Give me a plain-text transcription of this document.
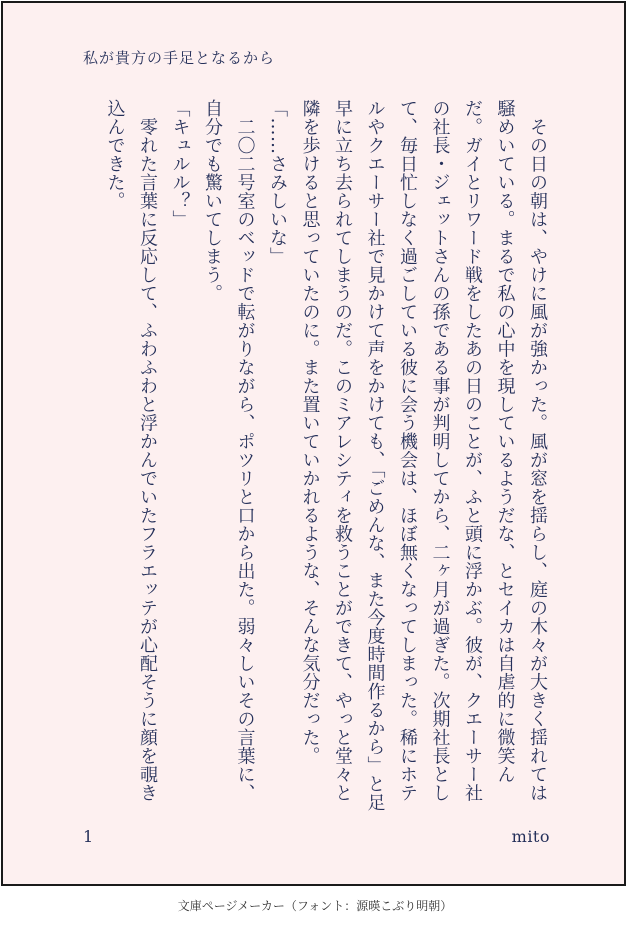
私が貴方の手足となるから

　その日の朝は、やけに風が強かった。風が窓を揺らし、庭の木々が大きく揺れては騒めいている。まるで私の心中を現しているようだな、とセイカは自虐的に微笑んだ。ガイとリワード戦をしたあの日のことが、ふと頭に浮かぶ。彼が、クエーサー社の社長・ジェットさんの孫である事が判明してから、二ヶ月が過ぎた。次期社長として、毎日忙しなく過ごしている彼に会う機会は、ほぼ無くなってしまった。稀にホテルやクエーサー社で見かけて声をかけても、「ごめんな、また今度時間作るから」と足早に立ち去られてしまうのだ。このミアレシティを救うことができて、やっと堂々と隣を歩けると思っていたのに。また置いていかれるような、そんな気分だった。

「……さみしいな」

　二〇二号室のベッドで転がりながら、ポツリと口から出た。弱々しいその言葉に、自分でも驚いてしまう。

「キュルル？」

　零れた言葉に反応して、ふわふわと浮かんでいたフラエッテが心配そうに顔を覗き込んできた。

1	mito
文庫ページメーカー（フォント：源暎こぶり明朝）
